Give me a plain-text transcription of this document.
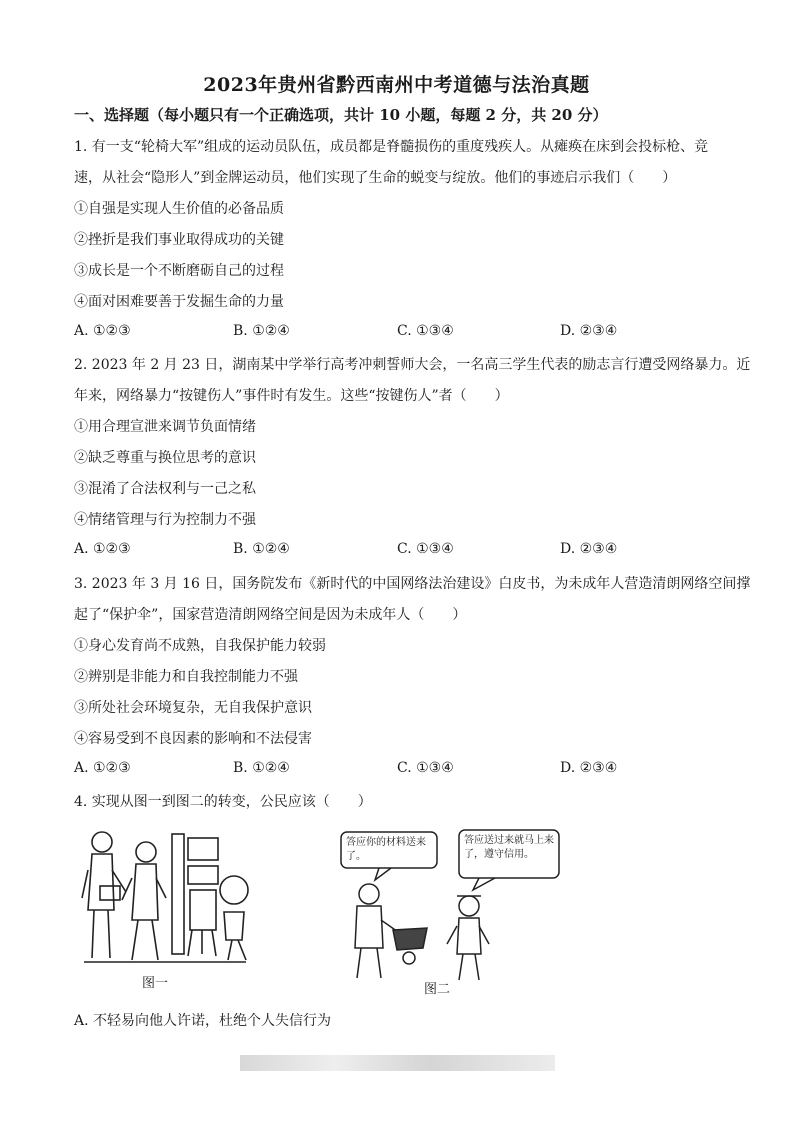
2023年贵州省黔西南州中考道德与法治真题
一、选择题（每小题只有一个正确选项，共计 10 小题，每题 2 分，共 20 分）
1. 有一支“轮椅大军”组成的运动员队伍，成员都是脊髓损伤的重度残疾人。从瘫痪在床到会投标枪、竞
速，从社会“隐形人”到金牌运动员，他们实现了生命的蜕变与绽放。他们的事迹启示我们（　　）
①自强是实现人生价值的必备品质
②挫折是我们事业取得成功的关键
③成长是一个不断磨砺自己的过程
④面对困难要善于发掘生命的力量
A. ①②③	B. ①②④	C. ①③④	D. ②③④
2. 2023 年 2 月 23 日，湖南某中学举行高考冲刺誓师大会，一名高三学生代表的励志言行遭受网络暴力。近
年来，网络暴力“按键伤人”事件时有发生。这些“按键伤人”者（　　）
①用合理宣泄来调节负面情绪
②缺乏尊重与换位思考的意识
③混淆了合法权利与一己之私
④情绪管理与行为控制力不强
A. ①②③	B. ①②④	C. ①③④	D. ②③④
3. 2023 年 3 月 16 日，国务院发布《新时代的中国网络法治建设》白皮书，为未成年人营造清朗网络空间撑
起了“保护伞”，国家营造清朗网络空间是因为未成年人（　　）
①身心发育尚不成熟，自我保护能力较弱
②辨别是非能力和自我控制能力不强
③所处社会环境复杂，无自我保护意识
④容易受到不良因素的影响和不法侵害
A. ①②③	B. ①②④	C. ①③④	D. ②③④
4. 实现从图一到图二的转变，公民应该（　　）
图一
答应你的材料送来了。
答应送过来就马上来了，遵守信用。
图二
A. 不轻易向他人许诺，杜绝个人失信行为
